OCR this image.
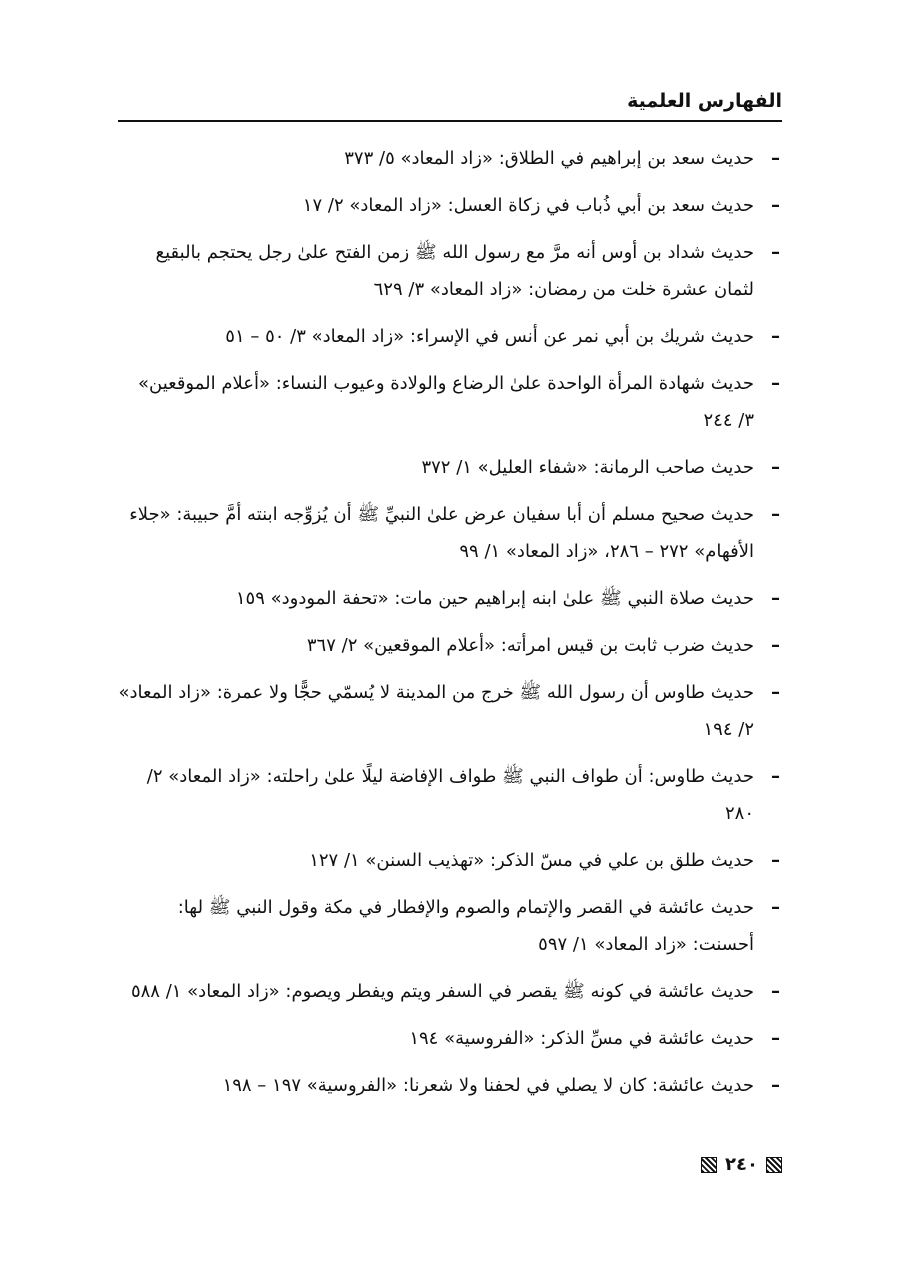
الفهارس العلمية
–
حديث سعد بن إبراهيم في الطلاق: «زاد المعاد» ٥/ ٣٧٣
–
حديث سعد بن أبي ذُباب في زكاة العسل: «زاد المعاد» ٢/ ١٧
–
حديث شداد بن أوس أنه مرَّ مع رسول الله ﷺ زمن الفتح علىٰ رجل يحتجم بالبقيع لثمان عشرة خلت من رمضان: «زاد المعاد» ٣/ ٦٢٩
–
حديث شريك بن أبي نمر عن أنس في الإسراء: «زاد المعاد» ٣/ ٥٠ – ٥١
–
حديث شهادة المرأة الواحدة علىٰ الرضاع والولادة وعيوب النساء: «أعلام الموقعين» ٣/ ٢٤٤
–
حديث صاحب الرمانة: «شفاء العليل» ١/ ٣٧٢
–
حديث صحيح مسلم أن أبا سفيان عرض علىٰ النبيِّ ﷺ أن يُزوِّجه ابنته أمَّ حبيبة: «جلاء الأفهام» ٢٧٢ – ٢٨٦، «زاد المعاد» ١/ ٩٩
–
حديث صلاة النبي ﷺ علىٰ ابنه إبراهيم حين مات: «تحفة المودود» ١٥٩
–
حديث ضرب ثابت بن قيس امرأته: «أعلام الموقعين» ٢/ ٣٦٧
–
حديث طاوس أن رسول الله ﷺ خرج من المدينة لا يُسمّي حجًّا ولا عمرة: «زاد المعاد» ٢/ ١٩٤
–
حديث طاوس: أن طواف النبي ﷺ طواف الإفاضة ليلًا علىٰ راحلته: «زاد المعاد» ٢/ ٢٨٠
–
حديث طلق بن علي في مسّ الذكر: «تهذيب السنن» ١/ ١٢٧
–
حديث عائشة في القصر والإتمام والصوم والإفطار في مكة وقول النبي ﷺ لها: أحسنت: «زاد المعاد» ١/ ٥٩٧
–
حديث عائشة في كونه ﷺ يقصر في السفر ويتم ويفطر ويصوم: «زاد المعاد» ١/ ٥٨٨
–
حديث عائشة في مسِّ الذكر: «الفروسية» ١٩٤
–
حديث عائشة: كان لا يصلي في لحفنا ولا شعرنا: «الفروسية» ١٩٧ – ١٩٨
٢٤٠
